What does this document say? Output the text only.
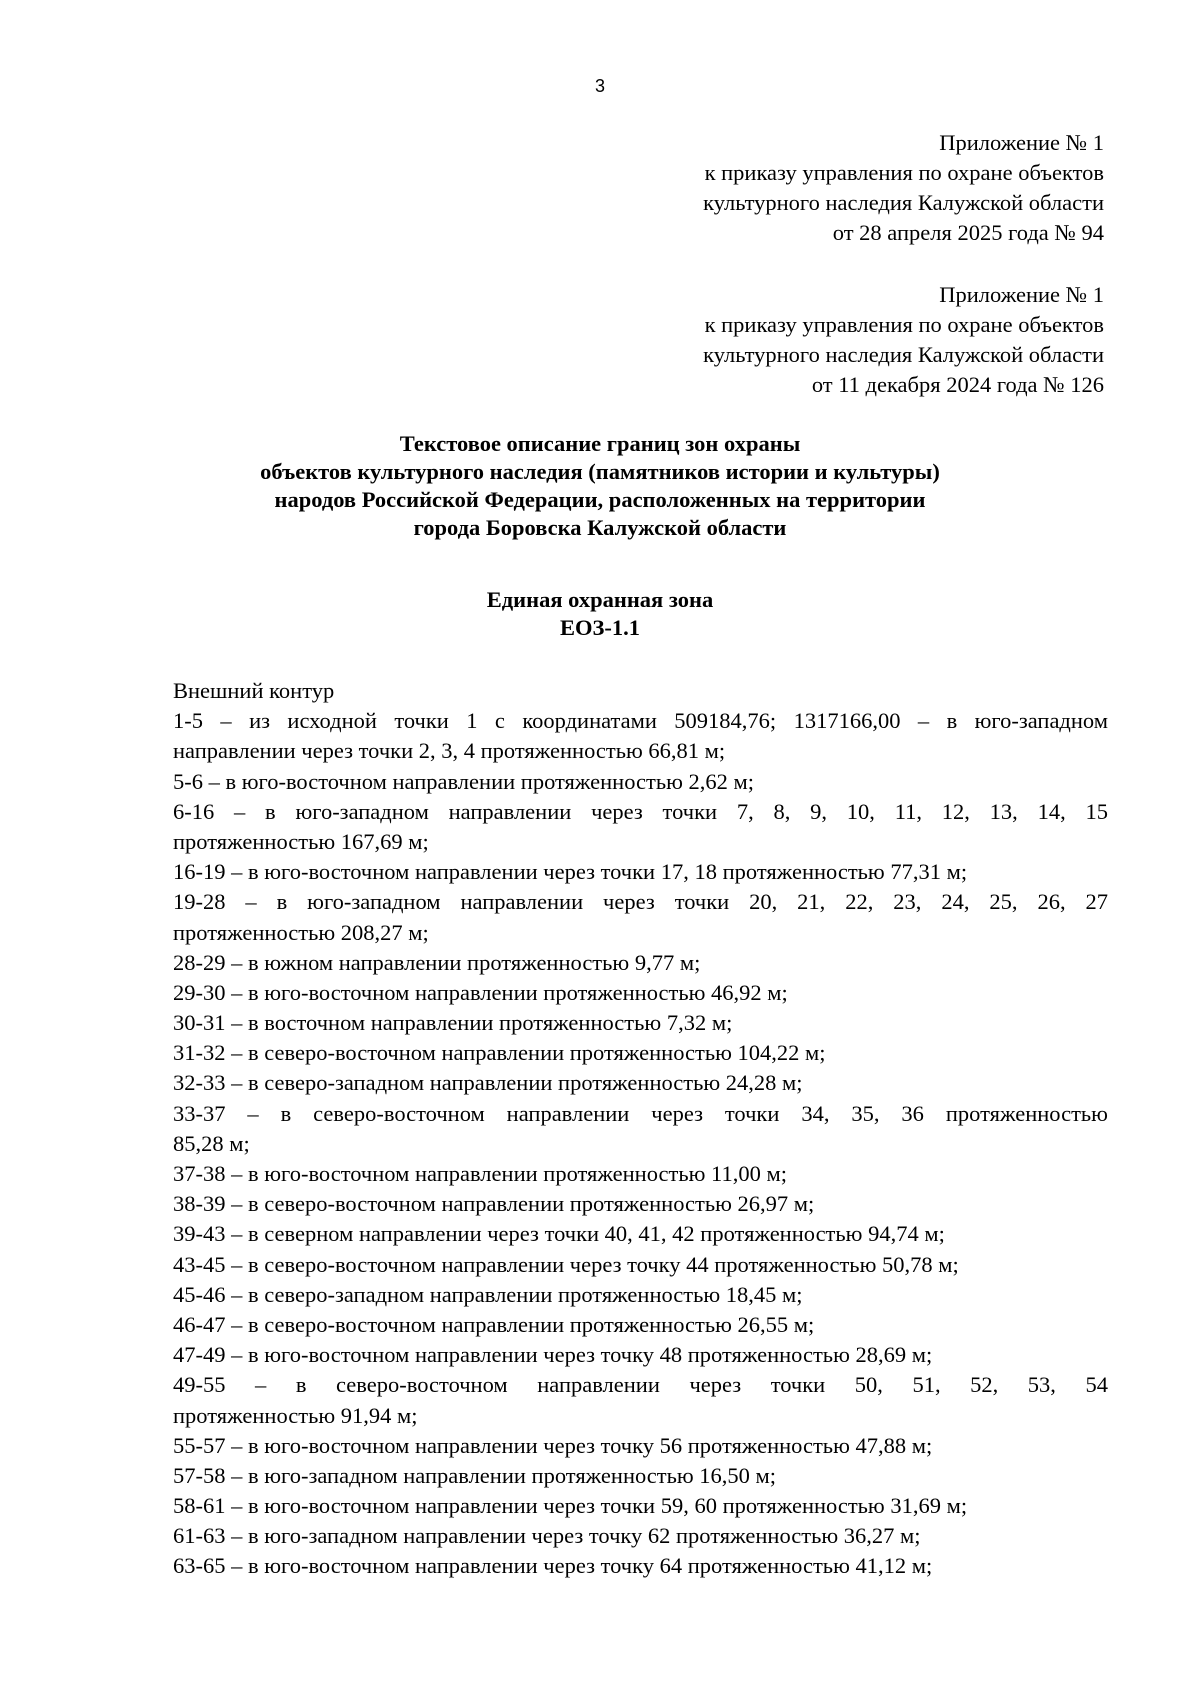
3
Приложение № 1
к приказу управления по охране объектов
культурного наследия Калужской области
от 28 апреля 2025 года № 94
Приложение № 1
к приказу управления по охране объектов
культурного наследия Калужской области
от 11 декабря 2024 года № 126
Текстовое описание границ зон охраны
объектов культурного наследия (памятников истории и культуры)
народов Российской Федерации, расположенных на территории
города Боровска Калужской области
Единая охранная зона
ЕОЗ-1.1
Внешний контур
1-5 – из исходной точки 1 с координатами 509184,76; 1317166,00 – в юго-западном
направлении через точки 2, 3, 4 протяженностью 66,81 м;
5-6 – в юго-восточном направлении протяженностью 2,62 м;
6-16 – в юго-западном направлении через точки 7, 8, 9, 10, 11, 12, 13, 14, 15
протяженностью 167,69 м;
16-19 – в юго-восточном направлении через точки 17, 18 протяженностью 77,31 м;
19-28 – в юго-западном направлении через точки 20, 21, 22, 23, 24, 25, 26, 27
протяженностью 208,27 м;
28-29 – в южном направлении протяженностью 9,77 м;
29-30 – в юго-восточном направлении протяженностью 46,92 м;
30-31 – в восточном направлении протяженностью 7,32 м;
31-32 – в северо-восточном направлении протяженностью 104,22 м;
32-33 – в северо-западном направлении протяженностью 24,28 м;
33-37 – в северо-восточном направлении через точки 34, 35, 36 протяженностью
85,28 м;
37-38 – в юго-восточном направлении протяженностью 11,00 м;
38-39 – в северо-восточном направлении протяженностью 26,97 м;
39-43 – в северном направлении через точки 40, 41, 42 протяженностью 94,74 м;
43-45 – в северо-восточном направлении через точку 44 протяженностью 50,78 м;
45-46 – в северо-западном направлении протяженностью 18,45 м;
46-47 – в северо-восточном направлении протяженностью 26,55 м;
47-49 – в юго-восточном направлении через точку 48 протяженностью 28,69 м;
49-55 – в северо-восточном направлении через точки 50, 51, 52, 53, 54
протяженностью 91,94 м;
55-57 – в юго-восточном направлении через точку 56 протяженностью 47,88 м;
57-58 – в юго-западном направлении протяженностью 16,50 м;
58-61 – в юго-восточном направлении через точки 59, 60 протяженностью 31,69 м;
61-63 – в юго-западном направлении через точку 62 протяженностью 36,27 м;
63-65 – в юго-восточном направлении через точку 64 протяженностью 41,12 м;
